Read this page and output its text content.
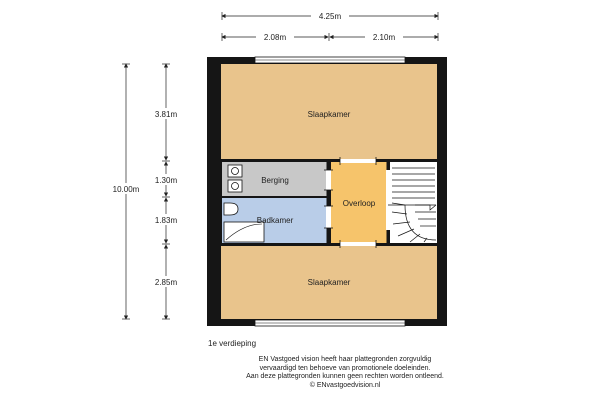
Slaapkamer
Berging
Overloop
Badkamer
Slaapkamer
4.25m
2.08m	2.10m
10.00m
3.81m
1.30m
1.83m
2.85m
1e verdieping
EN Vastgoed vision heeft haar plattegronden zorgvuldig
vervaardigd ten behoeve van promotionele doeleinden.
Aan deze plattegronden kunnen geen rechten worden ontleend.
© ENvastgoedvision.nl
